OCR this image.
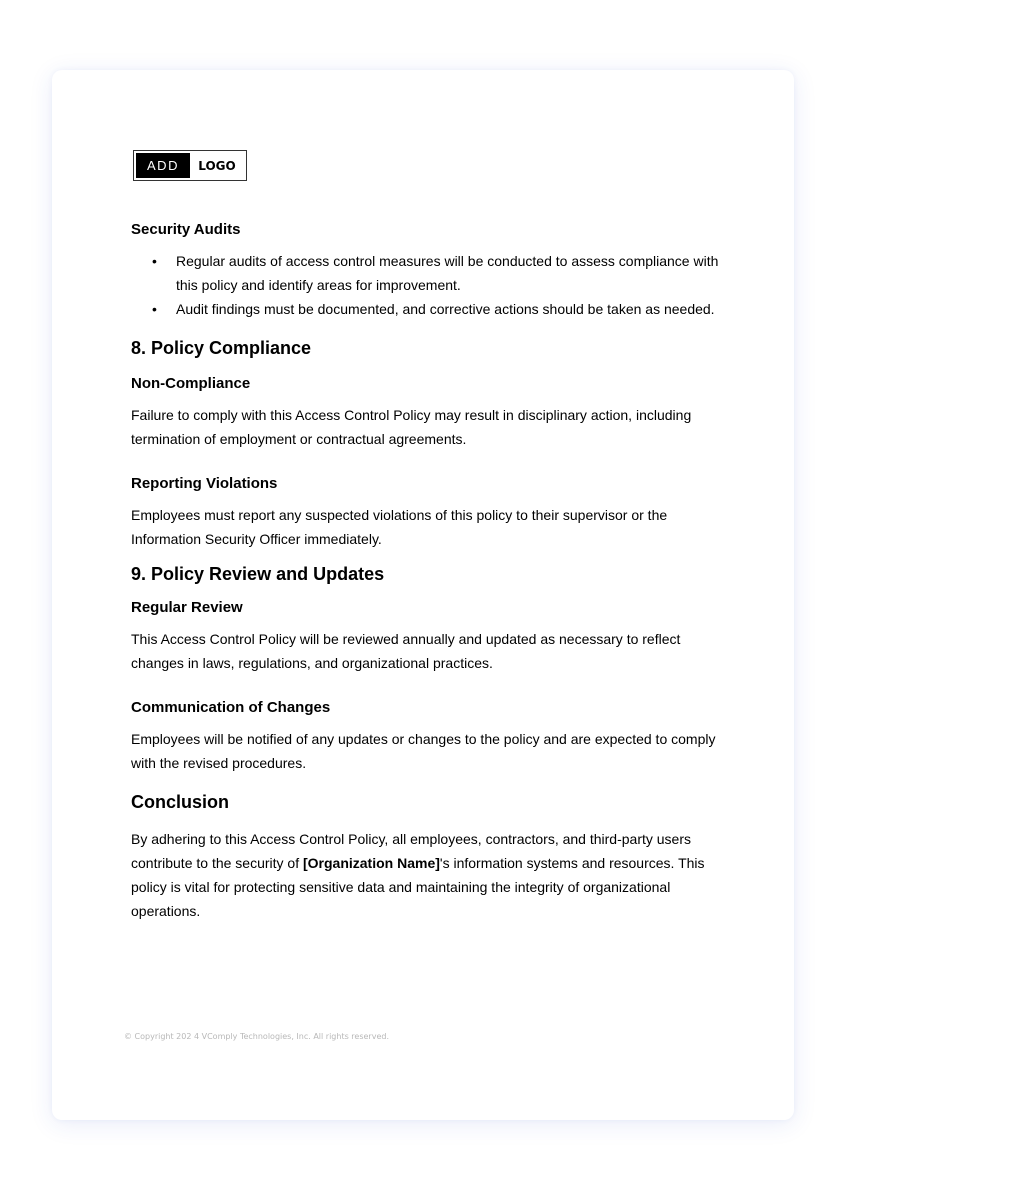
ADD	LOGO
Security Audits
• Regular audits of access control measures will be conducted to assess compliance with this policy and identify areas for improvement.
• Audit findings must be documented, and corrective actions should be taken as needed.
8. Policy Compliance
Non-Compliance

Failure to comply with this Access Control Policy may result in disciplinary action, including termination of employment or contractual agreements.

Reporting Violations

Employees must report any suspected violations of this policy to their supervisor or the Information Security Officer immediately.

9. Policy Review and Updates
Regular Review

This Access Control Policy will be reviewed annually and updated as necessary to reflect changes in laws, regulations, and organizational practices.

Communication of Changes

Employees will be notified of any updates or changes to the policy and are expected to comply with the revised procedures.

Conclusion

By adhering to this Access Control Policy, all employees, contractors, and third-party users contribute to the security of [Organization Name]'s information systems and resources. This policy is vital for protecting sensitive data and maintaining the integrity of organizational operations.

© Copyright 202 4 VComply Technologies, Inc. All rights reserved.
